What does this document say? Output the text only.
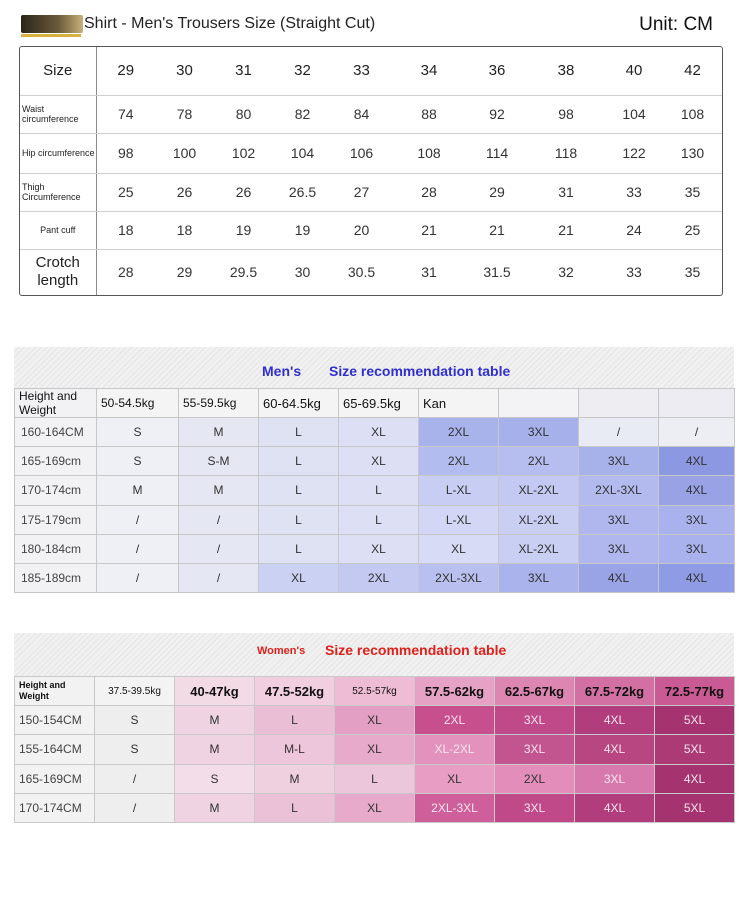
Shirt - Men's Trousers Size (Straight Cut)	Unit: CM
Size	29	30	31	32	33	34	36	38	40	42
Waist circumference	74	78	80	82	84	88	92	98	104	108
Hip circumference	98	100	102	104	106	108	114	118	122	130
Thigh Circumference	25	26	26	26.5	27	28	29	31	33	35
Pant cuff	18	18	19	19	20	21	21	21	24	25
Crotch length	28	29	29.5	30	30.5	31	31.5	32	33	35
Men's Size recommendation table
Height and Weight	50-54.5kg	55-59.5kg	60-64.5kg	65-69.5kg	Kan			
160-164CM	S	M	L	XL	2XL	3XL	/	/
165-169cm	S	S-M	L	XL	2XL	2XL	3XL	4XL
170-174cm	M	M	L	L	L-XL	XL-2XL	2XL-3XL	4XL
175-179cm	/	/	L	L	L-XL	XL-2XL	3XL	3XL
180-184cm	/	/	L	XL	XL	XL-2XL	3XL	3XL
185-189cm	/	/	XL	2XL	2XL-3XL	3XL	4XL	4XL
Women's Size recommendation table
Height and Weight	37.5-39.5kg	40-47kg	47.5-52kg	52.5-57kg	57.5-62kg	62.5-67kg	67.5-72kg	72.5-77kg
150-154CM	S	M	L	XL	2XL	3XL	4XL	5XL
155-164CM	S	M	M-L	XL	XL-2XL	3XL	4XL	5XL
165-169CM	/	S	M	L	XL	2XL	3XL	4XL
170-174CM	/	M	L	XL	2XL-3XL	3XL	4XL	5XL
